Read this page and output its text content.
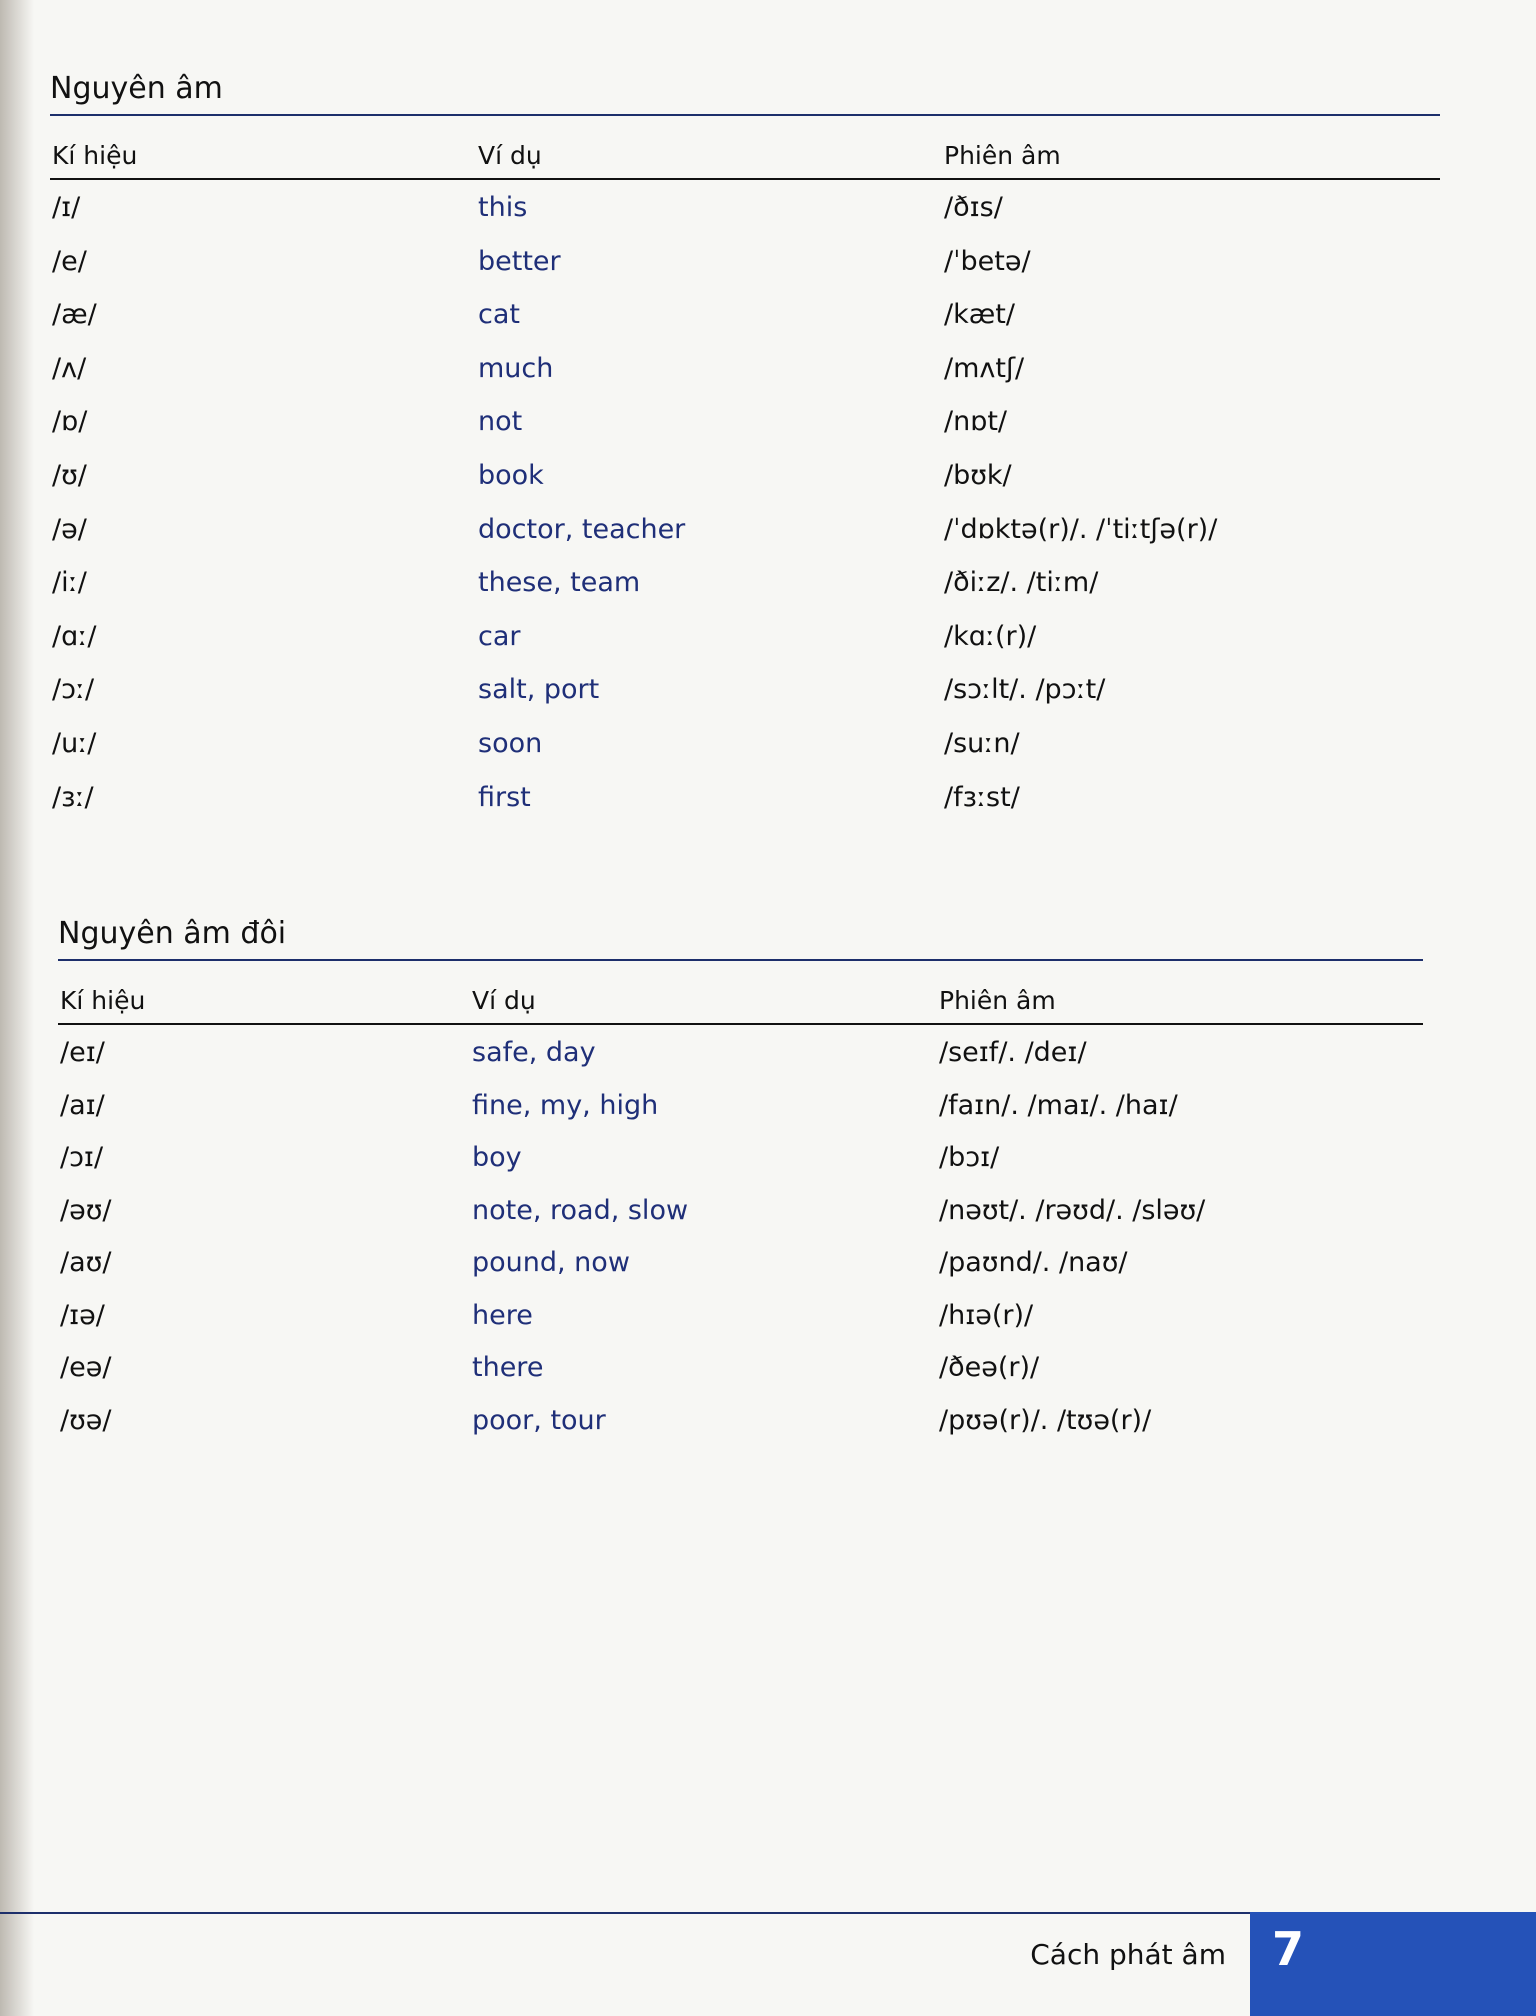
Nguyên âm
Kí hiệu	Ví dụ	Phiên âm
/ɪ/	this	/ðɪs/
/e/	better	/ˈbetə/
/æ/	cat	/kæt/
/ʌ/	much	/mʌtʃ/
/ɒ/	not	/nɒt/
/ʊ/	book	/bʊk/
/ə/	doctor, teacher	/ˈdɒktə(r)/. /ˈtiːtʃə(r)/
/iː/	these, team	/ðiːz/. /tiːm/
/ɑː/	car	/kɑː(r)/
/ɔː/	salt, port	/sɔːlt/. /pɔːt/
/uː/	soon	/suːn/
/ɜː/	first	/fɜːst/
Nguyên âm đôi
Kí hiệu	Ví dụ	Phiên âm
/eɪ/	safe, day	/seɪf/. /deɪ/
/aɪ/	fine, my, high	/faɪn/. /maɪ/. /haɪ/
/ɔɪ/	boy	/bɔɪ/
/əʊ/	note, road, slow	/nəʊt/. /rəʊd/. /sləʊ/
/aʊ/	pound, now	/paʊnd/. /naʊ/
/ɪə/	here	/hɪə(r)/
/eə/	there	/ðeə(r)/
/ʊə/	poor, tour	/pʊə(r)/. /tʊə(r)/
Cách phát âm 7
